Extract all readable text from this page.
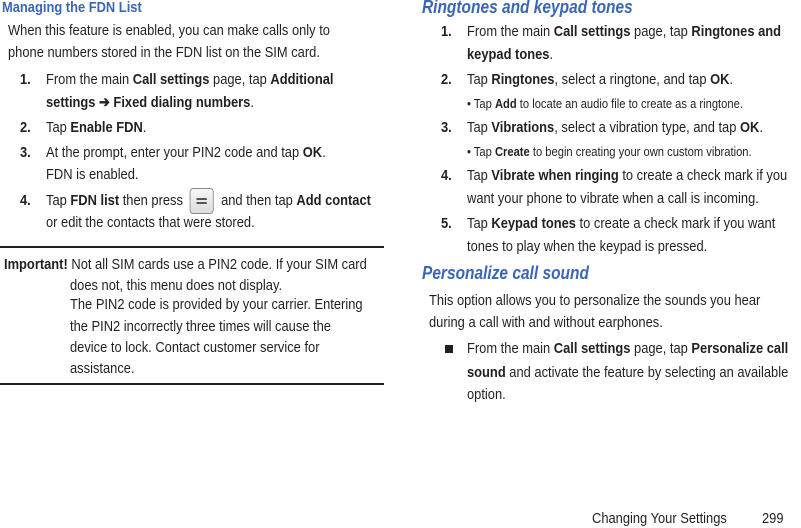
Managing the FDN List
When this feature is enabled, you can make calls only to
phone numbers stored in the FDN list on the SIM card.
1. From the main Call settings page, tap Additional
settings ➔ Fixed dialing numbers.
2. Tap Enable FDN.
3. At the prompt, enter your PIN2 code and tap OK.
FDN is enabled.
4. Tap FDN list then press  and then tap Add contact
or edit the contacts that were stored.
Important! Not all SIM cards use a PIN2 code. If your SIM card
does not, this menu does not display.
The PIN2 code is provided by your carrier. Entering
the PIN2 incorrectly three times will cause the
device to lock. Contact customer service for
assistance.
Ringtones and keypad tones
1. From the main Call settings page, tap Ringtones and
keypad tones.
2. Tap Ringtones, select a ringtone, and tap OK.
• Tap Add to locate an audio file to create as a ringtone.
3. Tap Vibrations, select a vibration type, and tap OK.
• Tap Create to begin creating your own custom vibration.
4. Tap Vibrate when ringing to create a check mark if you
want your phone to vibrate when a call is incoming.
5. Tap Keypad tones to create a check mark if you want
tones to play when the keypad is pressed.
Personalize call sound
This option allows you to personalize the sounds you hear
during a call with and without earphones.
From the main Call settings page, tap Personalize call
sound and activate the feature by selecting an available
option.
Changing Your Settings	299
